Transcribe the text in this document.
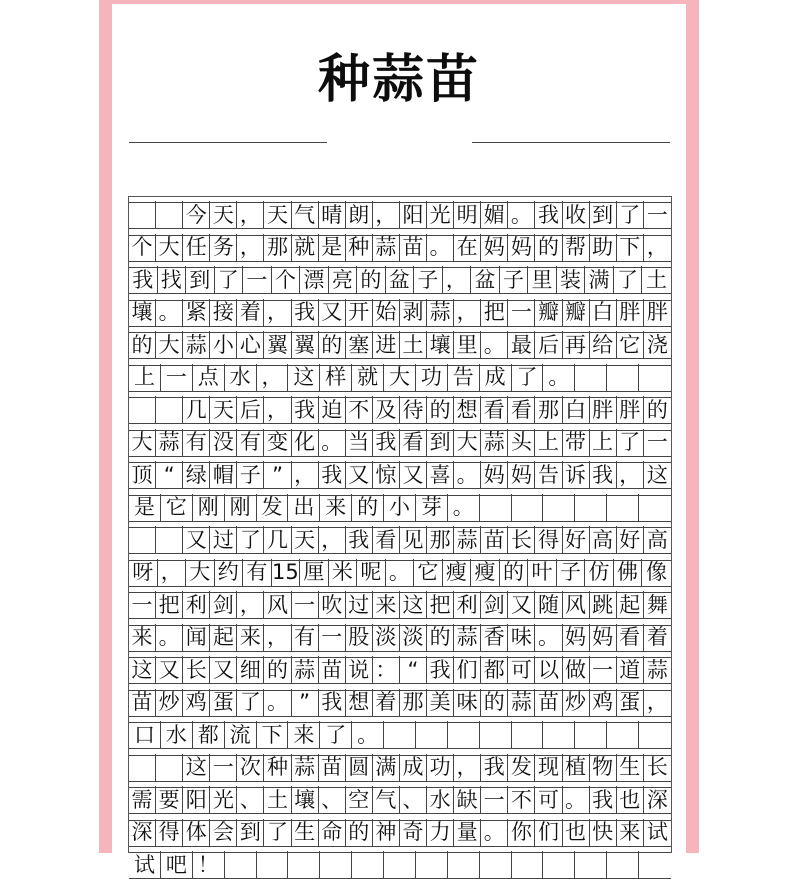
种蒜苗
今 天 ， 天 气 晴 朗 ， 阳 光 明 媚 。 我 收 到 了 一
个 大 任 务 ， 那 就 是 种 蒜 苗 。 在 妈 妈 的 帮 助 下 ，
我 找 到 了 一 个 漂 亮 的 盆 子 ， 盆 子 里 装 满 了 土
壤 。 紧 接 着 ， 我 又 开 始 剥 蒜 ， 把 一 瓣 瓣 白 胖 胖
的 大 蒜 小 心 翼 翼 的 塞 进 土 壤 里 。 最 后 再 给 它 浇
上 一 点 水 ， 这 样 就 大 功 告 成 了 。
几 天 后 ， 我 迫 不 及 待 的 想 看 看 那 白 胖 胖 的
大 蒜 有 没 有 变 化 。 当 我 看 到 大 蒜 头 上 带 上 了 一
顶 “ 绿 帽 子 ” ， 我 又 惊 又 喜 。 妈 妈 告 诉 我 ， 这
是 它 刚 刚 发 出 来 的 小 芽 。
又 过 了 几 天 ， 我 看 见 那 蒜 苗 长 得 好 高 好 高
呀 ， 大 约 有 15 厘 米 呢 。 它 瘦 瘦 的 叶 子 仿 佛 像
一 把 利 剑 ， 风 一 吹 过 来 这 把 利 剑 又 随 风 跳 起 舞
来 。 闻 起 来 ， 有 一 股 淡 淡 的 蒜 香 味 。 妈 妈 看 着
这 又 长 又 细 的 蒜 苗 说 ： “ 我 们 都 可 以 做 一 道 蒜
苗 炒 鸡 蛋 了 。 ” 我 想 着 那 美 味 的 蒜 苗 炒 鸡 蛋 ，
口 水 都 流 下 来 了 。
这 一 次 种 蒜 苗 圆 满 成 功 ， 我 发 现 植 物 生 长
需 要 阳 光 、 土 壤 、 空 气 、 水 缺 一 不 可 。 我 也 深
深 得 体 会 到 了 生 命 的 神 奇 力 量 。 你 们 也 快 来 试
试 吧 ！
